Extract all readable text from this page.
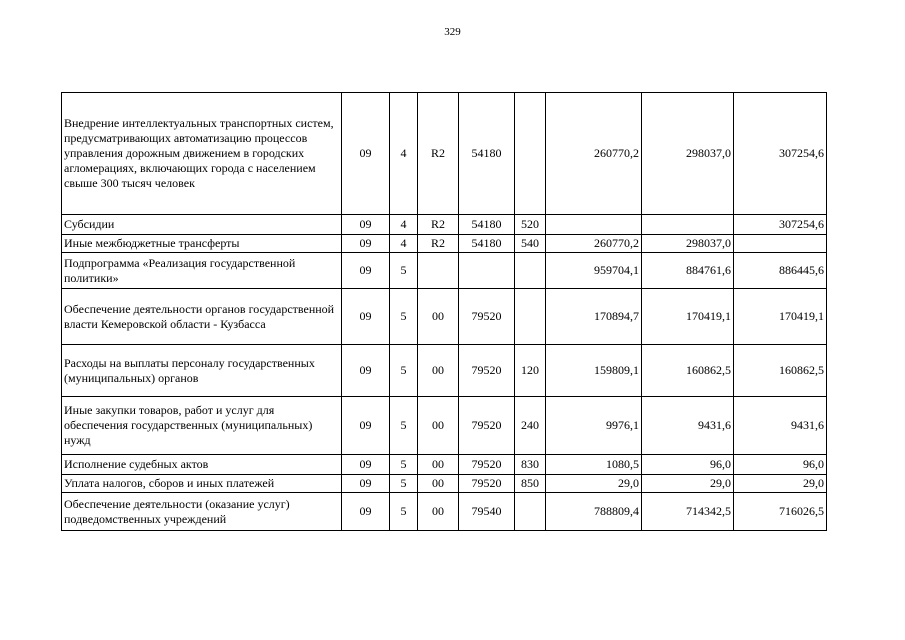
329
Внедрение интеллектуальных транспортных систем, предусматривающих автоматизацию процессов управления дорожным движением в городских агломерациях, включающих города с населением свыше 300 тысяч человек	09	4	R2	54180		260770,2	298037,0	307254,6
Субсидии	09	4	R2	54180	520			307254,6
Иные межбюджетные трансферты	09	4	R2	54180	540	260770,2	298037,0	
Подпрограмма «Реализация государственной политики»	09	5				959704,1	884761,6	886445,6
Обеспечение деятельности органов государственной власти Кемеровской области - Кузбасса	09	5	00	79520		170894,7	170419,1	170419,1
Расходы на выплаты персоналу государственных (муниципальных) органов	09	5	00	79520	120	159809,1	160862,5	160862,5
Иные закупки товаров, работ и услуг для обеспечения государственных (муниципальных) нужд	09	5	00	79520	240	9976,1	9431,6	9431,6
Исполнение судебных актов	09	5	00	79520	830	1080,5	96,0	96,0
Уплата налогов, сборов и иных платежей	09	5	00	79520	850	29,0	29,0	29,0
Обеспечение деятельности (оказание услуг) подведомственных учреждений	09	5	00	79540		788809,4	714342,5	716026,5
